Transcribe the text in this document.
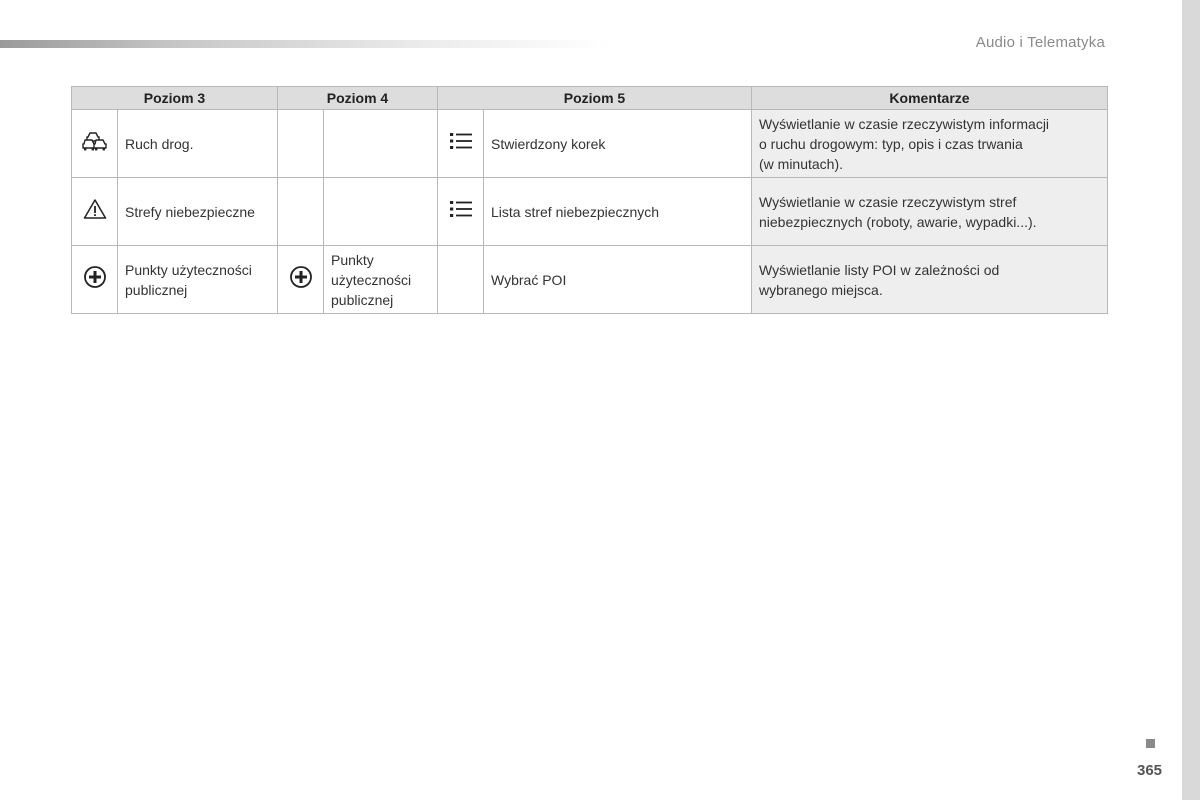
Audio i Telematyka
Poziom 3		Poziom 4		Poziom 5		Komentarze
	Ruch drog.				Stwierdzony korek	Wyświetlanie w czasie rzeczywistym informacji
o ruchu drogowym: typ, opis i czas trwania
(w minutach).
	Strefy niebezpieczne				Lista stref niebezpiecznych	Wyświetlanie w czasie rzeczywistym stref
niebezpiecznych (roboty, awarie, wypadki...).
	Punkty użyteczności
publicznej		Punkty
użyteczności
publicznej		Wybrać POI	Wyświetlanie listy POI w zależności od
wybranego miejsca.
365
